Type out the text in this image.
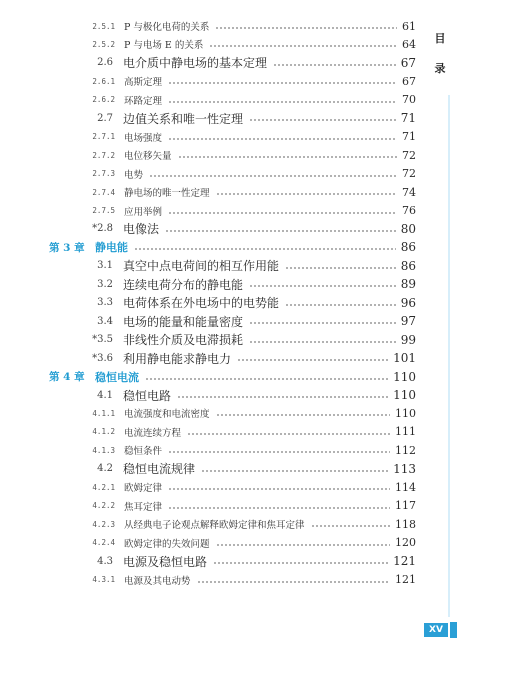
目
录
2.5.1 P 与极化电荷的关系	61
2.5.2 P 与电场 E 的关系	64
2.6 电介质中静电场的基本定理	67
2.6.1 高斯定理	67
2.6.2 环路定理	70
2.7 边值关系和唯一性定理	71
2.7.1 电场强度	71
2.7.2 电位移矢量	72
2.7.3 电势	72
2.7.4 静电场的唯一性定理	74
2.7.5 应用举例	76
*2.8 电像法	80
第 3 章 静电能	86
3.1 真空中点电荷间的相互作用能	86
3.2 连续电荷分布的静电能	89
3.3 电荷体系在外电场中的电势能	96
3.4 电场的能量和能量密度	97
*3.5 非线性介质及电滞损耗	99
*3.6 利用静电能求静电力	101
第 4 章 稳恒电流	110
4.1 稳恒电路	110
4.1.1 电流强度和电流密度	110
4.1.2 电流连续方程	111
4.1.3 稳恒条件	112
4.2 稳恒电流规律	113
4.2.1 欧姆定律	114
4.2.2 焦耳定律	117
4.2.3 从经典电子论观点解释欧姆定律和焦耳定律	118
4.2.4 欧姆定律的失效问题	120
4.3 电源及稳恒电路	121
4.3.1 电源及其电动势	121
XV
